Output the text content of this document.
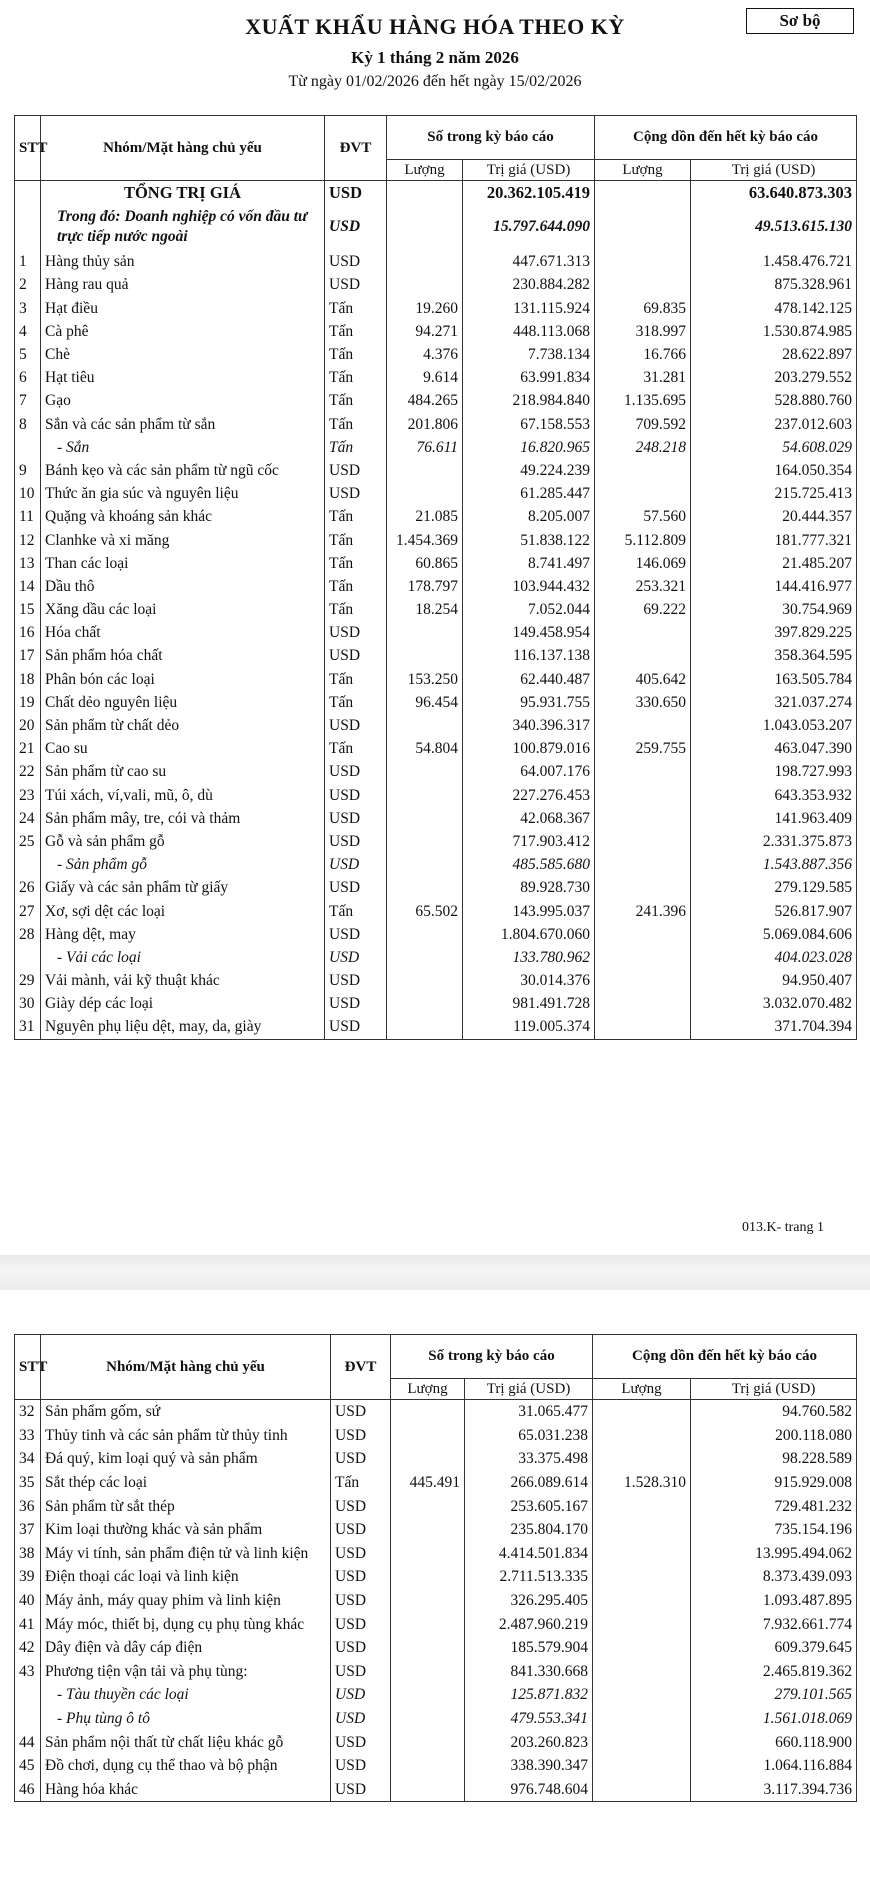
Sơ bộ
XUẤT KHẨU HÀNG HÓA THEO KỲ
Kỳ 1 tháng 2 năm 2026
Từ ngày 01/02/2026 đến hết ngày 15/02/2026
STT	Nhóm/Mặt hàng chủ yếu	ĐVT	Số trong kỳ báo cáo		Cộng dồn đến hết kỳ báo cáo	
			Lượng	Trị giá (USD)	Lượng	Trị giá (USD)
	TỔNG TRỊ GIÁ	USD		20.362.105.419		63.640.873.303
	Trong đó: Doanh nghiệp có vốn đầu tư trực tiếp nước ngoài	USD		15.797.644.090		49.513.615.130
1	Hàng thủy sản	USD		447.671.313		1.458.476.721
2	Hàng rau quả	USD		230.884.282		875.328.961
3	Hạt điều	Tấn	19.260	131.115.924	69.835	478.142.125
4	Cà phê	Tấn	94.271	448.113.068	318.997	1.530.874.985
5	Chè	Tấn	4.376	7.738.134	16.766	28.622.897
6	Hạt tiêu	Tấn	9.614	63.991.834	31.281	203.279.552
7	Gạo	Tấn	484.265	218.984.840	1.135.695	528.880.760
8	Sắn và các sản phẩm từ sắn	Tấn	201.806	67.158.553	709.592	237.012.603
	- Sắn	Tấn	76.611	16.820.965	248.218	54.608.029
9	Bánh kẹo và các sản phẩm từ ngũ cốc	USD		49.224.239		164.050.354
10	Thức ăn gia súc và nguyên liệu	USD		61.285.447		215.725.413
11	Quặng và khoáng sản khác	Tấn	21.085	8.205.007	57.560	20.444.357
12	Clanhke và xi măng	Tấn	1.454.369	51.838.122	5.112.809	181.777.321
13	Than các loại	Tấn	60.865	8.741.497	146.069	21.485.207
14	Dầu thô	Tấn	178.797	103.944.432	253.321	144.416.977
15	Xăng dầu các loại	Tấn	18.254	7.052.044	69.222	30.754.969
16	Hóa chất	USD		149.458.954		397.829.225
17	Sản phẩm hóa chất	USD		116.137.138		358.364.595
18	Phân bón các loại	Tấn	153.250	62.440.487	405.642	163.505.784
19	Chất dẻo nguyên liệu	Tấn	96.454	95.931.755	330.650	321.037.274
20	Sản phẩm từ chất dẻo	USD		340.396.317		1.043.053.207
21	Cao su	Tấn	54.804	100.879.016	259.755	463.047.390
22	Sản phẩm từ cao su	USD		64.007.176		198.727.993
23	Túi xách, ví,vali, mũ, ô, dù	USD		227.276.453		643.353.932
24	Sản phẩm mây, tre, cói và thảm	USD		42.068.367		141.963.409
25	Gỗ và sản phẩm gỗ	USD		717.903.412		2.331.375.873
	- Sản phẩm gỗ	USD		485.585.680		1.543.887.356
26	Giấy và các sản phẩm từ giấy	USD		89.928.730		279.129.585
27	Xơ, sợi dệt các loại	Tấn	65.502	143.995.037	241.396	526.817.907
28	Hàng dệt, may	USD		1.804.670.060		5.069.084.606
	- Vải các loại	USD		133.780.962		404.023.028
29	Vải mành, vải kỹ thuật khác	USD		30.014.376		94.950.407
30	Giày dép các loại	USD		981.491.728		3.032.070.482
31	Nguyên phụ liệu dệt, may, da, giày	USD		119.005.374		371.704.394
013.K- trang 1
STT	Nhóm/Mặt hàng chủ yếu	ĐVT	Số trong kỳ báo cáo		Cộng dồn đến hết kỳ báo cáo	
			Lượng	Trị giá (USD)	Lượng	Trị giá (USD)
32	Sản phẩm gốm, sứ	USD		31.065.477		94.760.582
33	Thủy tinh và các sản phẩm từ thủy tinh	USD		65.031.238		200.118.080
34	Đá quý, kim loại quý và sản phẩm	USD		33.375.498		98.228.589
35	Sắt thép các loại	Tấn	445.491	266.089.614	1.528.310	915.929.008
36	Sản phẩm từ sắt thép	USD		253.605.167		729.481.232
37	Kim loại thường khác và sản phẩm	USD		235.804.170		735.154.196
38	Máy vi tính, sản phẩm điện tử và linh kiện	USD		4.414.501.834		13.995.494.062
39	Điện thoại các loại và linh kiện	USD		2.711.513.335		8.373.439.093
40	Máy ảnh, máy quay phim và linh kiện	USD		326.295.405		1.093.487.895
41	Máy móc, thiết bị, dụng cụ phụ tùng khác	USD		2.487.960.219		7.932.661.774
42	Dây điện và dây cáp điện	USD		185.579.904		609.379.645
43	Phương tiện vận tải và phụ tùng:	USD		841.330.668		2.465.819.362
	- Tàu thuyền các loại	USD		125.871.832		279.101.565
	- Phụ tùng ô tô	USD		479.553.341		1.561.018.069
44	Sản phẩm nội thất từ chất liệu khác gỗ	USD		203.260.823		660.118.900
45	Đồ chơi, dụng cụ thể thao và bộ phận	USD		338.390.347		1.064.116.884
46	Hàng hóa khác	USD		976.748.604		3.117.394.736
